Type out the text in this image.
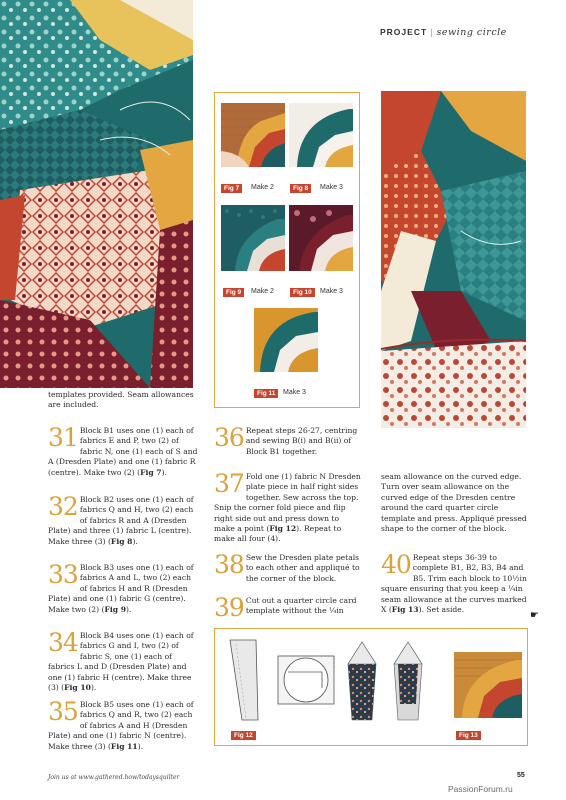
PROJECT | sewing circle
Fig 7	Make 2	Fig 8	Make 3
Fig 9	Make 2	Fig 10	Make 3
Fig 11	Make 3
Fig 12	Fig 13
templates provided. Seam allowances are included.
31 Block B1 uses one (1) each of fabrics E and P, two (2) of fabric N, one (1) each of S and A (Dresden Plate) and one (1) fabric R (centre). Make two (2) (Fig 7).
32 Block B2 uses one (1) each of fabrics Q and H, two (2) each of fabrics R and A (Dresden Plate) and three (1) fabric L (centre). Make three (3) (Fig 8).
33 Block B3 uses one (1) each of fabrics A and L, two (2) each of fabrics H and R (Dresden Plate) and one (1) fabric G (centre). Make two (2) (Fig 9).
34 Block B4 uses one (1) each of fabrics G and I, two (2) of fabric S, one (1) each of fabrics L and D (Dresden Plate) and one (1) fabric H (centre). Make three (3) (Fig 10).
35 Block B5 uses one (1) each of fabrics Q and R, two (2) each of fabrics A and H (Dresden Plate) and one (1) fabric N (centre). Make three (3) (Fig 11).
36 Repeat steps 26-27, centring and sewing B(i) and B(ii) of Block B1 together.
37 Fold one (1) fabric N Dresden plate piece in half right sides together. Sew across the top. Snip the corner fold piece and flip right side out and press down to make a point (Fig 12). Repeat to make all four (4).
38 Sew the Dresden plate petals to each other and appliqué to the corner of the block.
39 Cut out a quarter circle card template without the ¼in
seam allowance on the curved edge. Turn over seam allowance on the curved edge of the Dresden centre around the card quarter circle template and press. Appliqué pressed shape to the corner of the block.
40 Repeat steps 36-39 to complete B1, B2, B3, B4 and B5. Trim each block to 10½in square ensuring that you keep a ¼in seam allowance at the curves marked X (Fig 13). Set aside.
☛
Join us at www.gathered.how/todaysquilter	55
PassionForum.ru
